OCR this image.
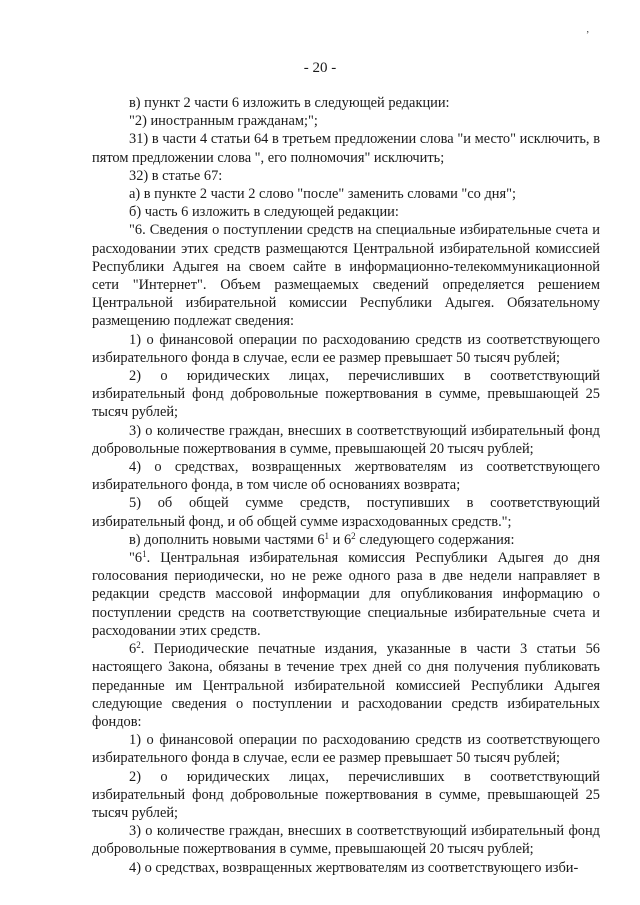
ʼ
- 20 -

в) пункт 2 части 6 изложить в следующей редакции:

"2) иностранным гражданам;";

31) в части 4 статьи 64 в третьем предложении слова "и место" исключить, в пятом предложении слова ", его полномочия" исключить;

32) в статье 67:

а) в пункте 2 части 2 слово "после" заменить словами "со дня";

б) часть 6 изложить в следующей редакции:

"6. Сведения о поступлении средств на специальные избирательные счета и расходовании этих средств размещаются Центральной избирательной комиссией Республики Адыгея на своем сайте в информационно-телекоммуникационной сети "Интернет". Объем размещаемых сведений определяется решением Центральной избирательной комиссии Республики Адыгея. Обязательному размещению подлежат сведения:

1) о финансовой операции по расходованию средств из соответствующего избирательного фонда в случае, если ее размер превышает 50 тысяч рублей;

2) о юридических лицах, перечисливших в соответствующий избирательный фонд добровольные пожертвования в сумме, превышающей 25 тысяч рублей;

3) о количестве граждан, внесших в соответствующий избирательный фонд добровольные пожертвования в сумме, превышающей 20 тысяч рублей;

4) о средствах, возвращенных жертвователям из соответствующего избирательного фонда, в том числе об основаниях возврата;

5) об общей сумме средств, поступивших в соответствующий избирательный фонд, и об общей сумме израсходованных средств.";

в) дополнить новыми частями $6^1$ и $6^2$ следующего содержания:

"$6^1$. Центральная избирательная комиссия Республики Адыгея до дня голосования периодически, но не реже одного раза в две недели направляет в редакции средств массовой информации для опубликования информацию о поступлении средств на соответствующие специальные избирательные счета и расходовании этих средств.

$6^2$. Периодические печатные издания, указанные в части 3 статьи 56 настоящего Закона, обязаны в течение трех дней со дня получения публиковать переданные им Центральной избирательной комиссией Республики Адыгея следующие сведения о поступлении и расходовании средств избирательных фондов:

1) о финансовой операции по расходованию средств из соответствующего избирательного фонда в случае, если ее размер превышает 50 тысяч рублей;

2) о юридических лицах, перечисливших в соответствующий избирательный фонд добровольные пожертвования в сумме, превышающей 25 тысяч рублей;

3) о количестве граждан, внесших в соответствующий избирательный фонд добровольные пожертвования в сумме, превышающей 20 тысяч рублей;

4) о средствах, возвращенных жертвователям из соответствующего изби-
